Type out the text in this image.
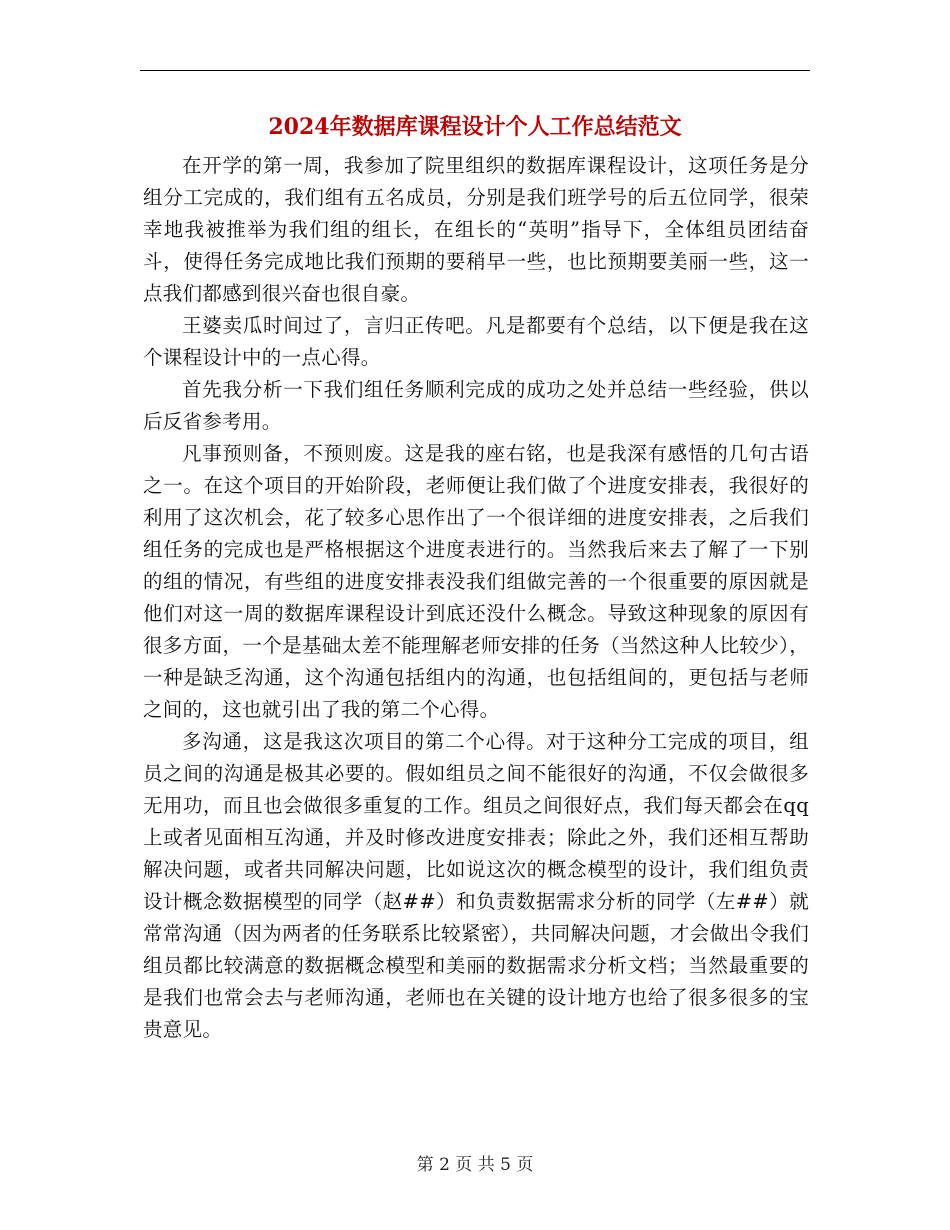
2024年数据库课程设计个人工作总结范文

在开学的第一周，我参加了院里组织的数据库课程设计，这项任务是分组分工完成的，我们组有五名成员，分别是我们班学号的后五位同学，很荣幸地我被推举为我们组的组长，在组长的“英明”指导下，全体组员团结奋斗，使得任务完成地比我们预期的要稍早一些，也比预期要美丽一些，这一点我们都感到很兴奋也很自豪。

王婆卖瓜时间过了，言归正传吧。凡是都要有个总结，以下便是我在这个课程设计中的一点心得。

首先我分析一下我们组任务顺利完成的成功之处并总结一些经验，供以后反省参考用。

凡事预则备，不预则废。这是我的座右铭，也是我深有感悟的几句古语之一。在这个项目的开始阶段，老师便让我们做了个进度安排表，我很好的利用了这次机会，花了较多心思作出了一个很详细的进度安排表，之后我们组任务的完成也是严格根据这个进度表进行的。当然我后来去了解了一下别的组的情况，有些组的进度安排表没我们组做完善的一个很重要的原因就是他们对这一周的数据库课程设计到底还没什么概念。导致这种现象的原因有很多方面，一个是基础太差不能理解老师安排的任务（当然这种人比较少），一种是缺乏沟通，这个沟通包括组内的沟通，也包括组间的，更包括与老师之间的，这也就引出了我的第二个心得。

多沟通，这是我这次项目的第二个心得。对于这种分工完成的项目，组员之间的沟通是极其必要的。假如组员之间不能很好的沟通，不仅会做很多无用功，而且也会做很多重复的工作。组员之间很好点，我们每天都会在qq上或者见面相互沟通，并及时修改进度安排表；除此之外，我们还相互帮助解决问题，或者共同解决问题，比如说这次的概念模型的设计，我们组负责设计概念数据模型的同学（赵##）和负责数据需求分析的同学（左##）就常常沟通（因为两者的任务联系比较紧密），共同解决问题，才会做出令我们组员都比较满意的数据概念模型和美丽的数据需求分析文档；当然最重要的是我们也常会去与老师沟通，老师也在关键的设计地方也给了很多很多的宝贵意见。

第 2 页 共 5 页
